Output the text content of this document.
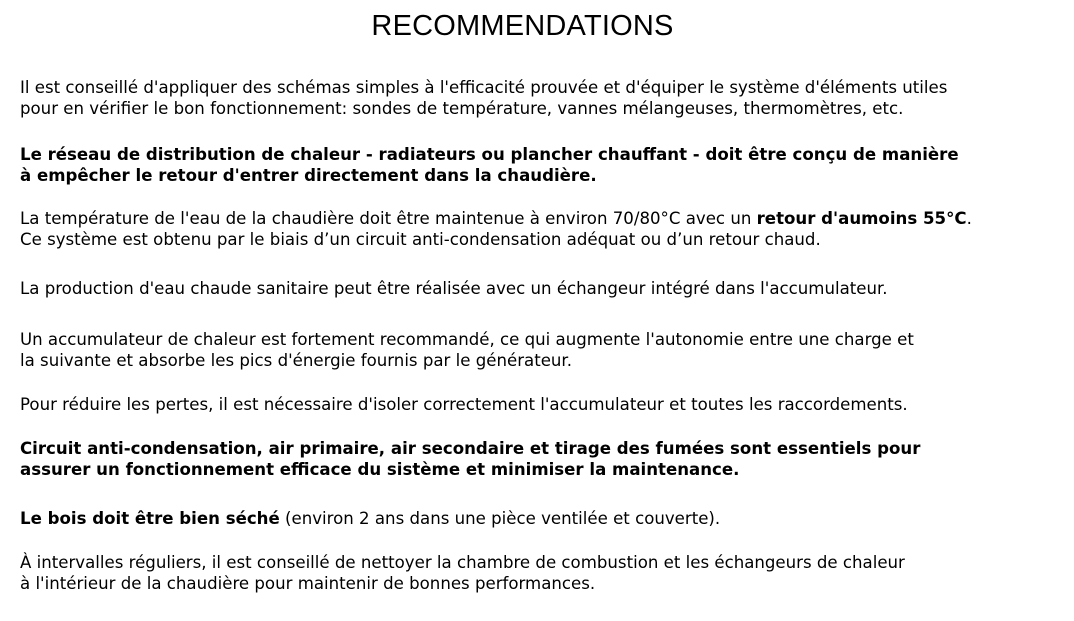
RECOMMENDATIONS

Il est conseillé d'appliquer des schémas simples à l'efficacité prouvée et d'équiper le système d'éléments utiles
pour en vérifier le bon fonctionnement: sondes de température, vannes mélangeuses, thermomètres, etc.

Le réseau de distribution de chaleur - radiateurs ou plancher chauffant - doit être conçu de manière
à empêcher le retour d'entrer directement dans la chaudière.

La température de l'eau de la chaudière doit être maintenue à environ 70/80°C avec un retour d'aumoins 55°C.
Ce système est obtenu par le biais d’un circuit anti-condensation adéquat ou d’un retour chaud.

La production d'eau chaude sanitaire peut être réalisée avec un échangeur intégré dans l'accumulateur.

Un accumulateur de chaleur est fortement recommandé, ce qui augmente l'autonomie entre une charge et
la suivante et absorbe les pics d'énergie fournis par le générateur.

Pour réduire les pertes, il est nécessaire d'isoler correctement l'accumulateur et toutes les raccordements.

Circuit anti-condensation, air primaire, air secondaire et tirage des fumées sont essentiels pour
assurer un fonctionnement efficace du sistème et minimiser la maintenance.

Le bois doit être bien séché (environ 2 ans dans une pièce ventilée et couverte).

À intervalles réguliers, il est conseillé de nettoyer la chambre de combustion et les échangeurs de chaleur
à l'intérieur de la chaudière pour maintenir de bonnes performances.
